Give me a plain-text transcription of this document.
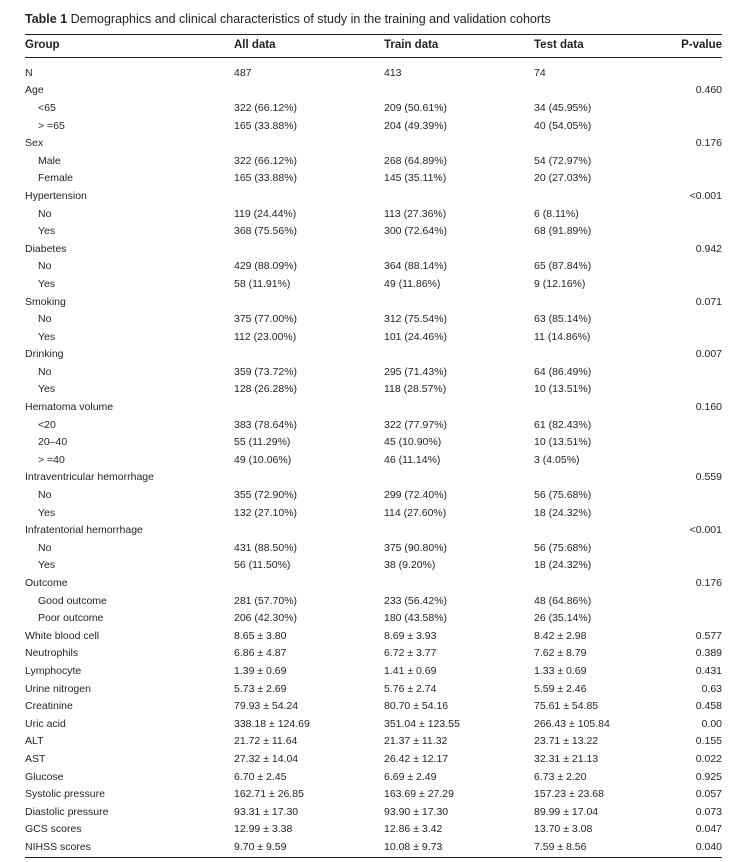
Table 1 Demographics and clinical characteristics of study in the training and validation cohorts
Group	All data	Train data	Test data	P-value
N	487	413	74	
Age				0.460
<65	322 (66.12%)	209 (50.61%)	34 (45.95%)	
> =65	165 (33.88%)	204 (49.39%)	40 (54.05%)	
Sex				0.176
Male	322 (66.12%)	268 (64.89%)	54 (72.97%)	
Female	165 (33.88%)	145 (35.11%)	20 (27.03%)	
Hypertension				<0.001
No	119 (24.44%)	113 (27.36%)	6 (8.11%)	
Yes	368 (75.56%)	300 (72.64%)	68 (91.89%)	
Diabetes				0.942
No	429 (88.09%)	364 (88.14%)	65 (87.84%)	
Yes	58 (11.91%)	49 (11.86%)	9 (12.16%)	
Smoking				0.071
No	375 (77.00%)	312 (75.54%)	63 (85.14%)	
Yes	112 (23.00%)	101 (24.46%)	11 (14.86%)	
Drinking				0.007
No	359 (73.72%)	295 (71.43%)	64 (86.49%)	
Yes	128 (26.28%)	118 (28.57%)	10 (13.51%)	
Hematoma volume				0.160
<20	383 (78.64%)	322 (77.97%)	61 (82.43%)	
20–40	55 (11.29%)	45 (10.90%)	10 (13.51%)	
> =40	49 (10.06%)	46 (11.14%)	3 (4.05%)	
Intraventricular hemorrhage				0.559
No	355 (72.90%)	299 (72.40%)	56 (75.68%)	
Yes	132 (27.10%)	114 (27.60%)	18 (24.32%)	
Infratentorial hemorrhage				<0.001
No	431 (88.50%)	375 (90.80%)	56 (75.68%)	
Yes	56 (11.50%)	38 (9.20%)	18 (24.32%)	
Outcome				0.176
Good outcome	281 (57.70%)	233 (56.42%)	48 (64.86%)	
Poor outcome	206 (42.30%)	180 (43.58%)	26 (35.14%)	
White blood cell	8.65 ± 3.80	8.69 ± 3.93	8.42 ± 2.98	0.577
Neutrophils	6.86 ± 4.87	6.72 ± 3.77	7.62 ± 8.79	0.389
Lymphocyte	1.39 ± 0.69	1.41 ± 0.69	1.33 ± 0.69	0.431
Urine nitrogen	5.73 ± 2.69	5.76 ± 2.74	5.59 ± 2.46	0.63
Creatinine	79.93 ± 54.24	80.70 ± 54.16	75.61 ± 54.85	0.458
Uric acid	338.18 ± 124.69	351.04 ± 123.55	266.43 ± 105.84	0.00
ALT	21.72 ± 11.64	21.37 ± 11.32	23.71 ± 13.22	0.155
AST	27.32 ± 14.04	26.42 ± 12.17	32.31 ± 21.13	0.022
Glucose	6.70 ± 2.45	6.69 ± 2.49	6.73 ± 2.20	0.925
Systolic pressure	162.71 ± 26.85	163.69 ± 27.29	157.23 ± 23.68	0.057
Diastolic pressure	93.31 ± 17.30	93.90 ± 17.30	89.99 ± 17.04	0.073
GCS scores	12.99 ± 3.38	12.86 ± 3.42	13.70 ± 3.08	0.047
NIHSS scores	9.70 ± 9.59	10.08 ± 9.73	7.59 ± 8.56	0.040
